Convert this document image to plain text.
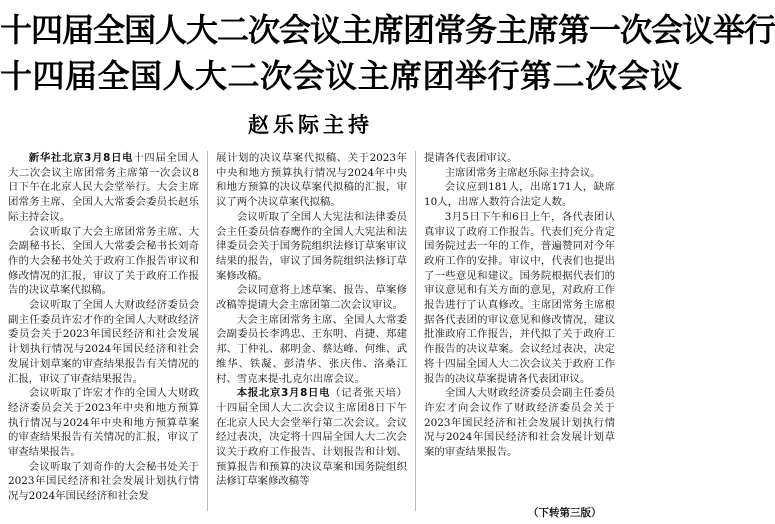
十四届全国人大二次会议主席团常务主席第一次会议举行
十四届全国人大二次会议主席团举行第二次会议
赵乐际主持

新华社北京3月8日电十四届全国人大二次会议主席团常务主席第一次会议8日下午在北京人民大会堂举行。大会主席团常务主席、全国人大常委会委员长赵乐际主持会议。

会议听取了大会主席团常务主席、大会副秘书长、全国人大常委会秘书长刘奇作的大会秘书处关于政府工作报告审议和修改情况的汇报，审议了关于政府工作报告的决议草案代拟稿。

会议听取了全国人大财政经济委员会副主任委员许宏才作的全国人大财政经济委员会关于2023年国民经济和社会发展计划执行情况与2024年国民经济和社会发展计划草案的审查结果报告有关情况的汇报，审议了审查结果报告。

会议听取了许宏才作的全国人大财政经济委员会关于2023年中央和地方预算执行情况与2024年中央和地方预算草案的审查结果报告有关情况的汇报，审议了审查结果报告。

会议听取了刘奇作的大会秘书处关于2023年国民经济和社会发展计划执行情况与2024年国民经济和社会发

展计划的决议草案代拟稿、关于2023年中央和地方预算执行情况与2024年中央和地方预算的决议草案代拟稿的汇报，审议了两个决议草案代拟稿。

会议听取了全国人大宪法和法律委员会主任委员信春鹰作的全国人大宪法和法律委员会关于国务院组织法修订草案审议结果的报告，审议了国务院组织法修订草案修改稿。

会议同意将上述草案、报告、草案修改稿等提请大会主席团第二次会议审议。

大会主席团常务主席、全国人大常委会副委员长李鸿忠、王东明、肖捷、郑建邦、丁仲礼、郝明金、蔡达峰、何维、武维华、铁凝、彭清华、张庆伟、洛桑江村、雪克来提·扎克尔出席会议。

本报北京3月8日电（记者张天培）十四届全国人大二次会议主席团8日下午在北京人民大会堂举行第二次会议。会议经过表决，决定将十四届全国人大二次会议关于政府工作报告、计划报告和计划、预算报告和预算的决议草案和国务院组织法修订草案修改稿等

提请各代表团审议。

主席团常务主席赵乐际主持会议。

会议应到181人，出席171人，缺席10人，出席人数符合法定人数。

3月5日下午和6日上午，各代表团认真审议了政府工作报告。代表们充分肯定国务院过去一年的工作，普遍赞同对今年政府工作的安排。审议中，代表们也提出了一些意见和建议。国务院根据代表们的审议意见和有关方面的意见，对政府工作报告进行了认真修改。主席团常务主席根据各代表团的审议意见和修改情况，建议批准政府工作报告，并代拟了关于政府工作报告的决议草案。会议经过表决，决定将十四届全国人大二次会议关于政府工作报告的决议草案提请各代表团审议。

全国人大财政经济委员会副主任委员许宏才向会议作了财政经济委员会关于2023年国民经济和社会发展计划执行情况与2024年国民经济和社会发展计划草案的审查结果报告。

（下转第三版）
